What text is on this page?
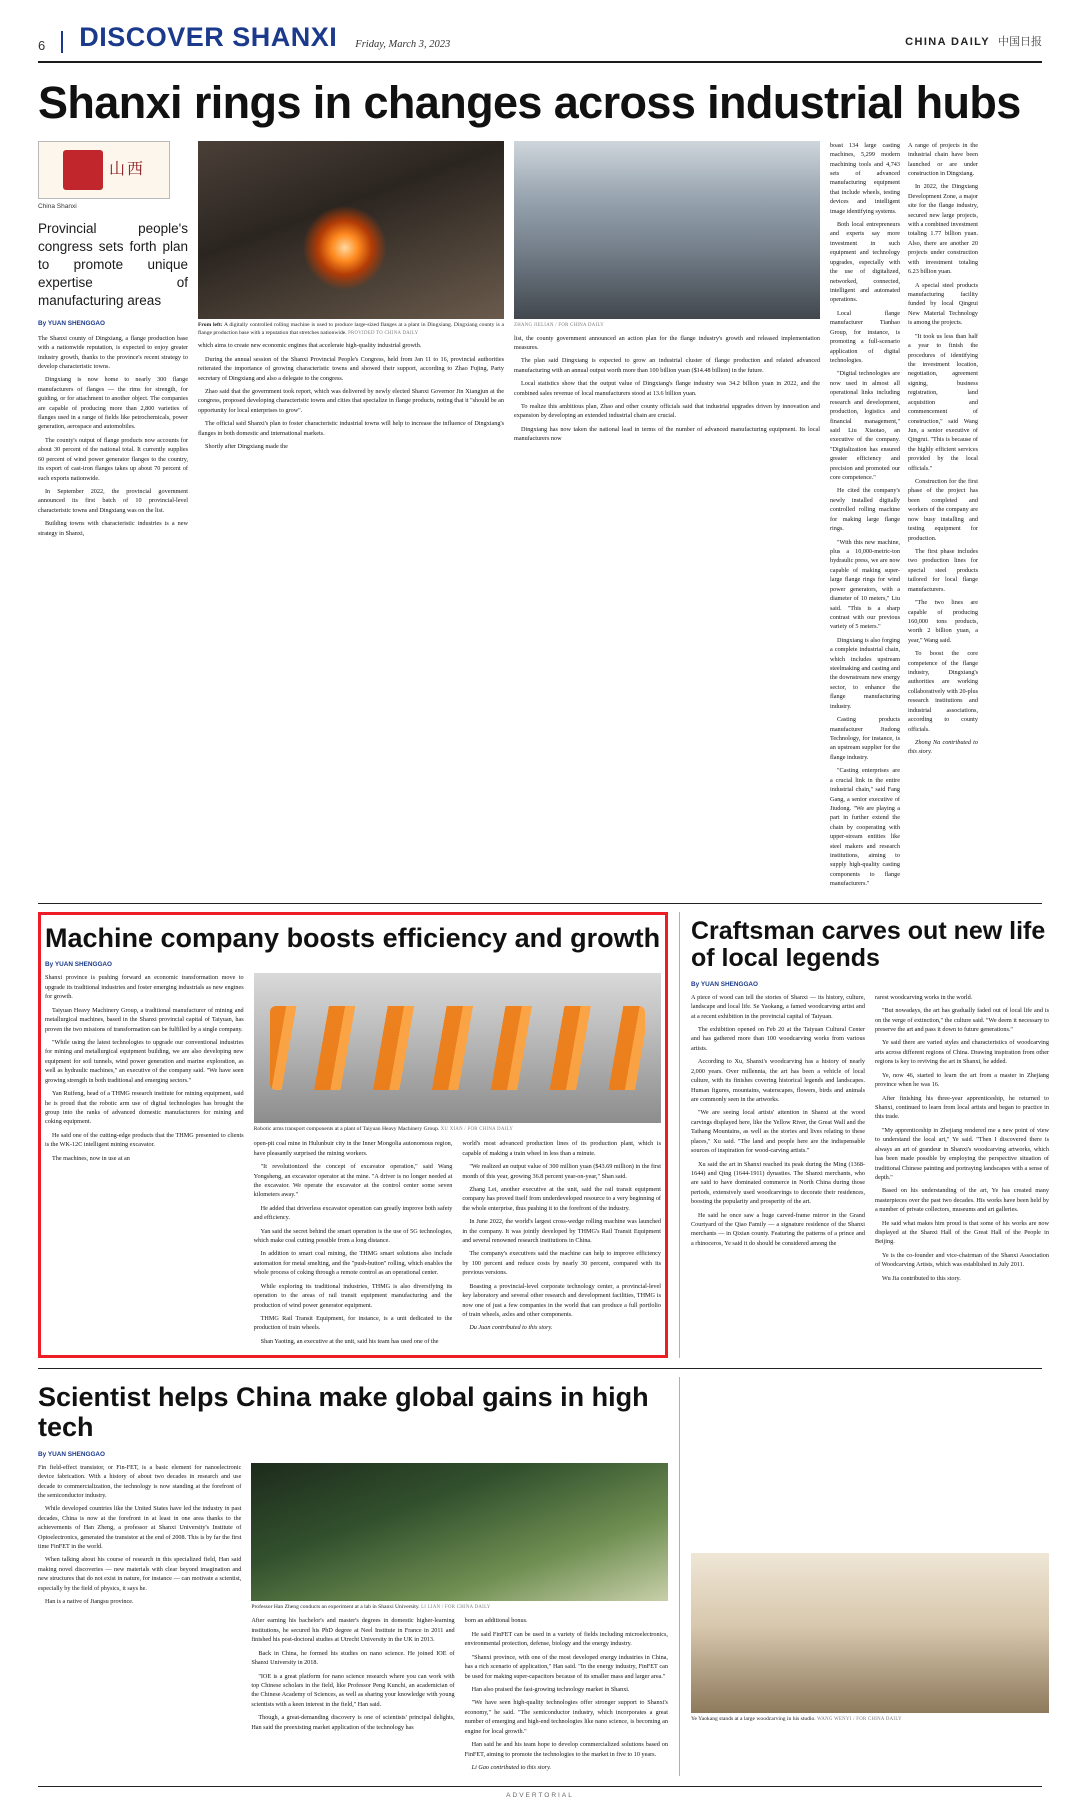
6 DISCOVER SHANXI Friday, March 3, 2023	CHINA DAILY 中国日报
Shanxi rings in changes across industrial hubs
山西
China Shanxi
Provincial people's congress sets forth plan to promote unique expertise of manufacturing areas
By YUAN SHENGGAO

The Shanxi county of Dingxiang, a flange production base with a nationwide reputation, is expected to enjoy greater industry growth, thanks to the province's recent strategy to develop characteristic towns.

Dingxiang is now home to nearly 300 flange manufacturers of flanges — the rims for strength, for guiding, or for attachment to another object. The companies are capable of producing more than 2,800 varieties of flanges used in a range of fields like petrochemicals, power generation, aerospace and automobiles.

The county's output of flange products now accounts for about 30 percent of the national total. It currently supplies 60 percent of wind power generator flanges to the country, its export of cast-iron flanges takes up about 70 percent of such exports nationwide.

In September 2022, the provincial government announced its first batch of 10 provincial-level characteristic towns and Dingxiang was on the list.

Building towns with characteristic industries is a new strategy in Shanxi,

From left: A digitally controlled rolling machine is used to produce large-sized flanges at a plant in Dingxiang. Dingxiang county is a flange production base with a reputation that stretches nationwide. PROVIDED TO CHINA DAILY

which aims to create new economic engines that accelerate high-quality industrial growth.

During the annual session of the Shanxi Provincial People's Congress, held from Jan 11 to 16, provincial authorities reiterated the importance of growing characteristic towns and showed their support, according to Zhao Fujing, Party secretary of Dingxiang and also a delegate to the congress.

Zhao said that the government took report, which was delivered by newly elected Shanxi Governor Jin Xiangjun at the congress, proposed developing characteristic towns and cities that specialize in flange products, noting that it "should be an opportunity for local enterprises to grow".

The official said Shanxi's plan to foster characteristic industrial towns will help to increase the influence of Dingxiang's flanges in both domestic and international markets.

Shortly after Dingxiang made the

ZHANG JIELIAN / FOR CHINA DAILY

list, the county government announced an action plan for the flange industry's growth and released implementation measures.

The plan said Dingxiang is expected to grow an industrial cluster of flange production and related advanced manufacturing with an annual output worth more than 100 billion yuan ($14.48 billion) in the future.

Local statistics show that the output value of Dingxiang's flange industry was 34.2 billion yuan in 2022, and the combined sales revenue of local manufacturers stood at 13.6 billion yuan.

To realize this ambitious plan, Zhao and other county officials said that industrial upgrades driven by innovation and expansion by developing an extended industrial chain are crucial.

Dingxiang has now taken the national lead in terms of the number of advanced manufacturing equipment. Its local manufacturers now

boast 134 large casting machines, 5,299 modern machining tools and 4,743 sets of advanced manufacturing equipment that include wheels, testing devices and intelligent image identifying systems.

Both local entrepreneurs and experts say more investment in such equipment and technology upgrades, especially with the use of digitalized, networked, connected, intelligent and automated operations.

Local flange manufacturer Tianhao Group, for instance, is promoting a full-scenario application of digital technologies.

"Digital technologies are now used in almost all operational links including research and development, production, logistics and financial management," said Liu Xiaotao, an executive of the company. "Digitalization has ensured greater efficiency and precision and promoted our core competence."

He cited the company's newly installed digitally controlled rolling machine for making large flange rings.

"With this new machine, plus a 10,000-metric-ton hydraulic press, we are now capable of making super-large flange rings for wind power generators, with a diameter of 10 meters," Liu said. "This is a sharp contrast with our previous variety of 5 meters."

Dingxiang is also forging a complete industrial chain, which includes upstream steelmaking and casting and the downstream new energy sector, to enhance the flange manufacturing industry.

Casting products manufacturer Jiudong Technology, for instance, is an upstream supplier for the flange industry.

"Casting enterprises are a crucial link in the entire industrial chain," said Fang Gang, a senior executive of Jiudong. "We are playing a part in further extend the chain by cooperating with upper-stream entities like steel makers and research institutions, aiming to supply high-quality casting components to flange manufacturers."

A range of projects in the industrial chain have been launched or are under construction in Dingxiang.

In 2022, the Dingxiang Development Zone, a major site for the flange industry, secured new large projects, with a combined investment totaling 1.77 billion yuan. Also, there are another 20 projects under construction with investment totaling 6.23 billion yuan.

A special steel products manufacturing facility funded by local Qingrui New Material Technology is among the projects.

"It took us less than half a year to finish the procedures of identifying the investment location, negotiation, agreement signing, business registration, land acquisition and commencement of construction," said Wang Jun, a senior executive of Qingrui. "This is because of the highly efficient services provided by the local officials."

Construction for the first phase of the project has been completed and workers of the company are now busy installing and testing equipment for production.

The first phase includes two production lines for special steel products tailored for local flange manufacturers.

"The two lines are capable of producing 160,000 tons products, worth 2 billion yuan, a year," Wang said.

To boost the core competence of the flange industry, Dingxiang's authorities are working collaboratively with 20-plus research institutions and industrial associations, according to county officials.

Zhong Na contributed to this story.

Machine company boosts efficiency and growth
By YUAN SHENGGAO

Shanxi province is pushing forward an economic transformation move to upgrade its traditional industries and foster emerging industrials as new engines for growth.

Taiyuan Heavy Machinery Group, a traditional manufacturer of mining and metallurgical machines, based in the Shanxi provincial capital of Taiyuan, has proven the two missions of transformation can be fulfilled by a single company.

"While using the latest technologies to upgrade our conventional industries for mining and metallurgical equipment building, we are also developing new equipment for soil tunnels, wind power generation and marine exploration, as well as hydraulic machines," an executive of the company said. "We have seen growing strength in both traditional and emerging sectors."

Yan Ruifeng, head of a THMG research institute for mining equipment, said he is proud that the robotic arm use of digital technologies has brought the group into the ranks of advanced domestic manufacturers for mining and coking equipment.

He said one of the cutting-edge products that the THMG presented to clients is the WK-12C intelligent mining excavator.

The machines, now in use at an

Robotic arms transport components at a plant of Taiyuan Heavy Machinery Group. XU XIAN / FOR CHINA DAILY

open-pit coal mine in Hulunbuir city in the Inner Mongolia autonomous region, have pleasantly surprised the mining workers.

"It revolutionized the concept of excavator operation," said Wang Yongsheng, an excavator operator at the mine. "A driver is no longer needed at the excavator. We operate the excavator at the control center some seven kilometers away."

He added that driverless excavator operation can greatly improve both safety and efficiency.

Yan said the secret behind the smart operation is the use of 5G technologies, which make coal cutting possible from a long distance.

In addition to smart coal mining, the THMG smart solutions also include automation for metal smelting, and the "push-button" rolling, which enables the whole process of coking through a remote control as an operational center.

While exploring its traditional industries, THMG is also diversifying its operation to the areas of rail transit equipment manufacturing and the production of wind power generator equipment.

THMG Rail Transit Equipment, for instance, is a unit dedicated to the production of train wheels.

Shan Yaoting, an executive at the unit, said his team has used one of the

world's most advanced production lines of its production plant, which is capable of making a train wheel in less than a minute.

"We realized an output value of 300 million yuan ($43.69 million) in the first month of this year, growing 36.8 percent year-on-year," Shan said.

Zhang Lei, another executive at the unit, said the rail transit equipment company has proved itself from underdeveloped resource to a very beginning of the whole enterprise, thus pushing it to the forefront of the industry.

In June 2022, the world's largest cross-wedge rolling machine was launched in the company. It was jointly developed by THMG's Rail Transit Equipment and several renowned research institutions in China.

The company's executives said the machine can help to improve efficiency by 100 percent and reduce costs by nearly 30 percent, compared with its previous versions.

Boasting a provincial-level corporate technology center, a provincial-level key laboratory and several other research and development facilities, THMG is now one of just a few companies in the world that can produce a full portfolio of train wheels, axles and other components.

Du Juan contributed to this story.

Craftsman carves out new life of local legends
By YUAN SHENGGAO

A piece of wood can tell the stories of Shanxi — its history, culture, landscape and local life. Se Yaokang, a famed woodcarving artist and at a recent exhibition in the provincial capital of Taiyuan.

The exhibition opened on Feb 20 at the Taiyuan Cultural Center and has gathered more than 100 woodcarving works from various artists.

According to Xu, Shanxi's woodcarving has a history of nearly 2,000 years. Over millennia, the art has been a vehicle of local culture, with its finishes covering historical legends and landscapes. Human figures, mountains, waterscapes, flowers, birds and animals are commonly seen in the artworks.

"We are seeing local artists' attention in Shanxi at the wood carvings displayed here, like the Yellow River, the Great Wall and the Taihang Mountains, as well as the stories and lives relating to these places," Xu said. "The land and people here are the indispensable sources of inspiration for wood-carving artists."

Xu said the art in Shanxi reached its peak during the Ming (1368-1644) and Qing (1644-1911) dynasties. The Shanxi merchants, who are said to have dominated commerce in North China during those periods, extensively used woodcarvings to decorate their residences, boosting the popularity and prosperity of the art.

He said he once saw a huge carved-frame mirror in the Grand Courtyard of the Qiao Family — a signature residence of the Shanxi merchants — in Qixian county. Featuring the patterns of a prince and a rhinoceros, Ye said it do should be considered among the

rarest woodcarving works in the world.

"But nowadays, the art has gradually faded out of local life and is on the verge of extinction," the culture said. "We deem it necessary to preserve the art and pass it down to future generations."

Ye said there are varied styles and characteristics of woodcarving arts across different regions of China. Drawing inspiration from other regions is key to reviving the art in Shanxi, he added.

Ye, now 46, started to learn the art from a master in Zhejiang province when he was 16.

After finishing his three-year apprenticeship, he returned to Shanxi, continued to learn from local artists and began to practice in this trade.

"My apprenticeship in Zhejiang rendered me a new point of view to understand the local art," Ye said. "Then I discovered there is always an art of grandeur in Shanxi's woodcarving artworks, which has been made possible by employing the perspective situation of traditional Chinese painting and portraying landscapes with a sense of depth."

Based on his understanding of the art, Ye has created many masterpieces over the past two decades. His works have been held by a number of private collectors, museums and art galleries.

He said what makes him proud is that some of his works are now displayed at the Shanxi Hall of the Great Hall of the People in Beijing.

Ye is the co-founder and vice-chairman of the Shanxi Association of Woodcarving Artists, which was established in July 2011.

Wu Jia contributed to this story.

Scientist helps China make global gains in high tech
By YUAN SHENGGAO

Fin field-effect transistor, or Fin-FET, is a basic element for nanoelectronic device fabrication. With a history of about two decades in research and use decade to commercialization, the technology is now standing at the forefront of the semiconductor industry.

While developed countries like the United States have led the industry in past decades, China is now at the forefront in at least in one area thanks to the achievements of Han Zheng, a professor at Shanxi University's Institute of Optoelectronics, generated the transistor at the end of 2008. This is by far the first time FinFET in the world.

When talking about his course of research in this specialized field, Han said making novel discoveries — new materials with clear beyond imagination and new structures that do not exist in nature, for instance — can motivate a scientist, especially by the field of physics, it says he.

Han is a native of Jiangsu province.

Professor Han Zheng conducts an experiment at a lab in Shanxi University. LI LIAN / FOR CHINA DAILY

After earning his bachelor's and master's degrees in domestic higher-learning institutions, he secured his PhD degree at Neel Institute in France in 2011 and finished his post-doctoral studies at Utrecht University in the UK in 2013.

Back in China, he formed his studies on nano science. He joined IOE of Shanxi University in 2018.

"IOE is a great platform for nano science research where you can work with top Chinese scholars in the field, like Professor Peng Kunchi, an academician of the Chinese Academy of Sciences, as well as sharing your knowledge with young scientists with a keen interest in the field," Han said.

Though, a great-demanding discovery is one of scientists' principal delights, Han said the preexisting market application of the technology has

born an additional bonus.

He said FinFET can be used in a variety of fields including microelectronics, environmental protection, defense, biology and the energy industry.

"Shanxi province, with one of the most developed energy industries in China, has a rich scenario of application," Han said. "In the energy industry, FinFET can be used for making super-capacitors because of its smaller mass and larger area."

Han also praised the fast-growing technology market in Shanxi.

"We have seen high-quality technologies offer stronger support to Shanxi's economy," he said. "The semiconductor industry, which incorporates a great number of emerging and high-end technologies like nano science, is becoming an engine for local growth."

Han said he and his team hope to develop commercialized solutions based on FinFET, aiming to promote the technologies to the market in five to 10 years.

Li Gao contributed to this story.

Ye Yaokang stands at a large woodcarving in his studio. WANG WENYI / FOR CHINA DAILY
ADVERTORIAL
